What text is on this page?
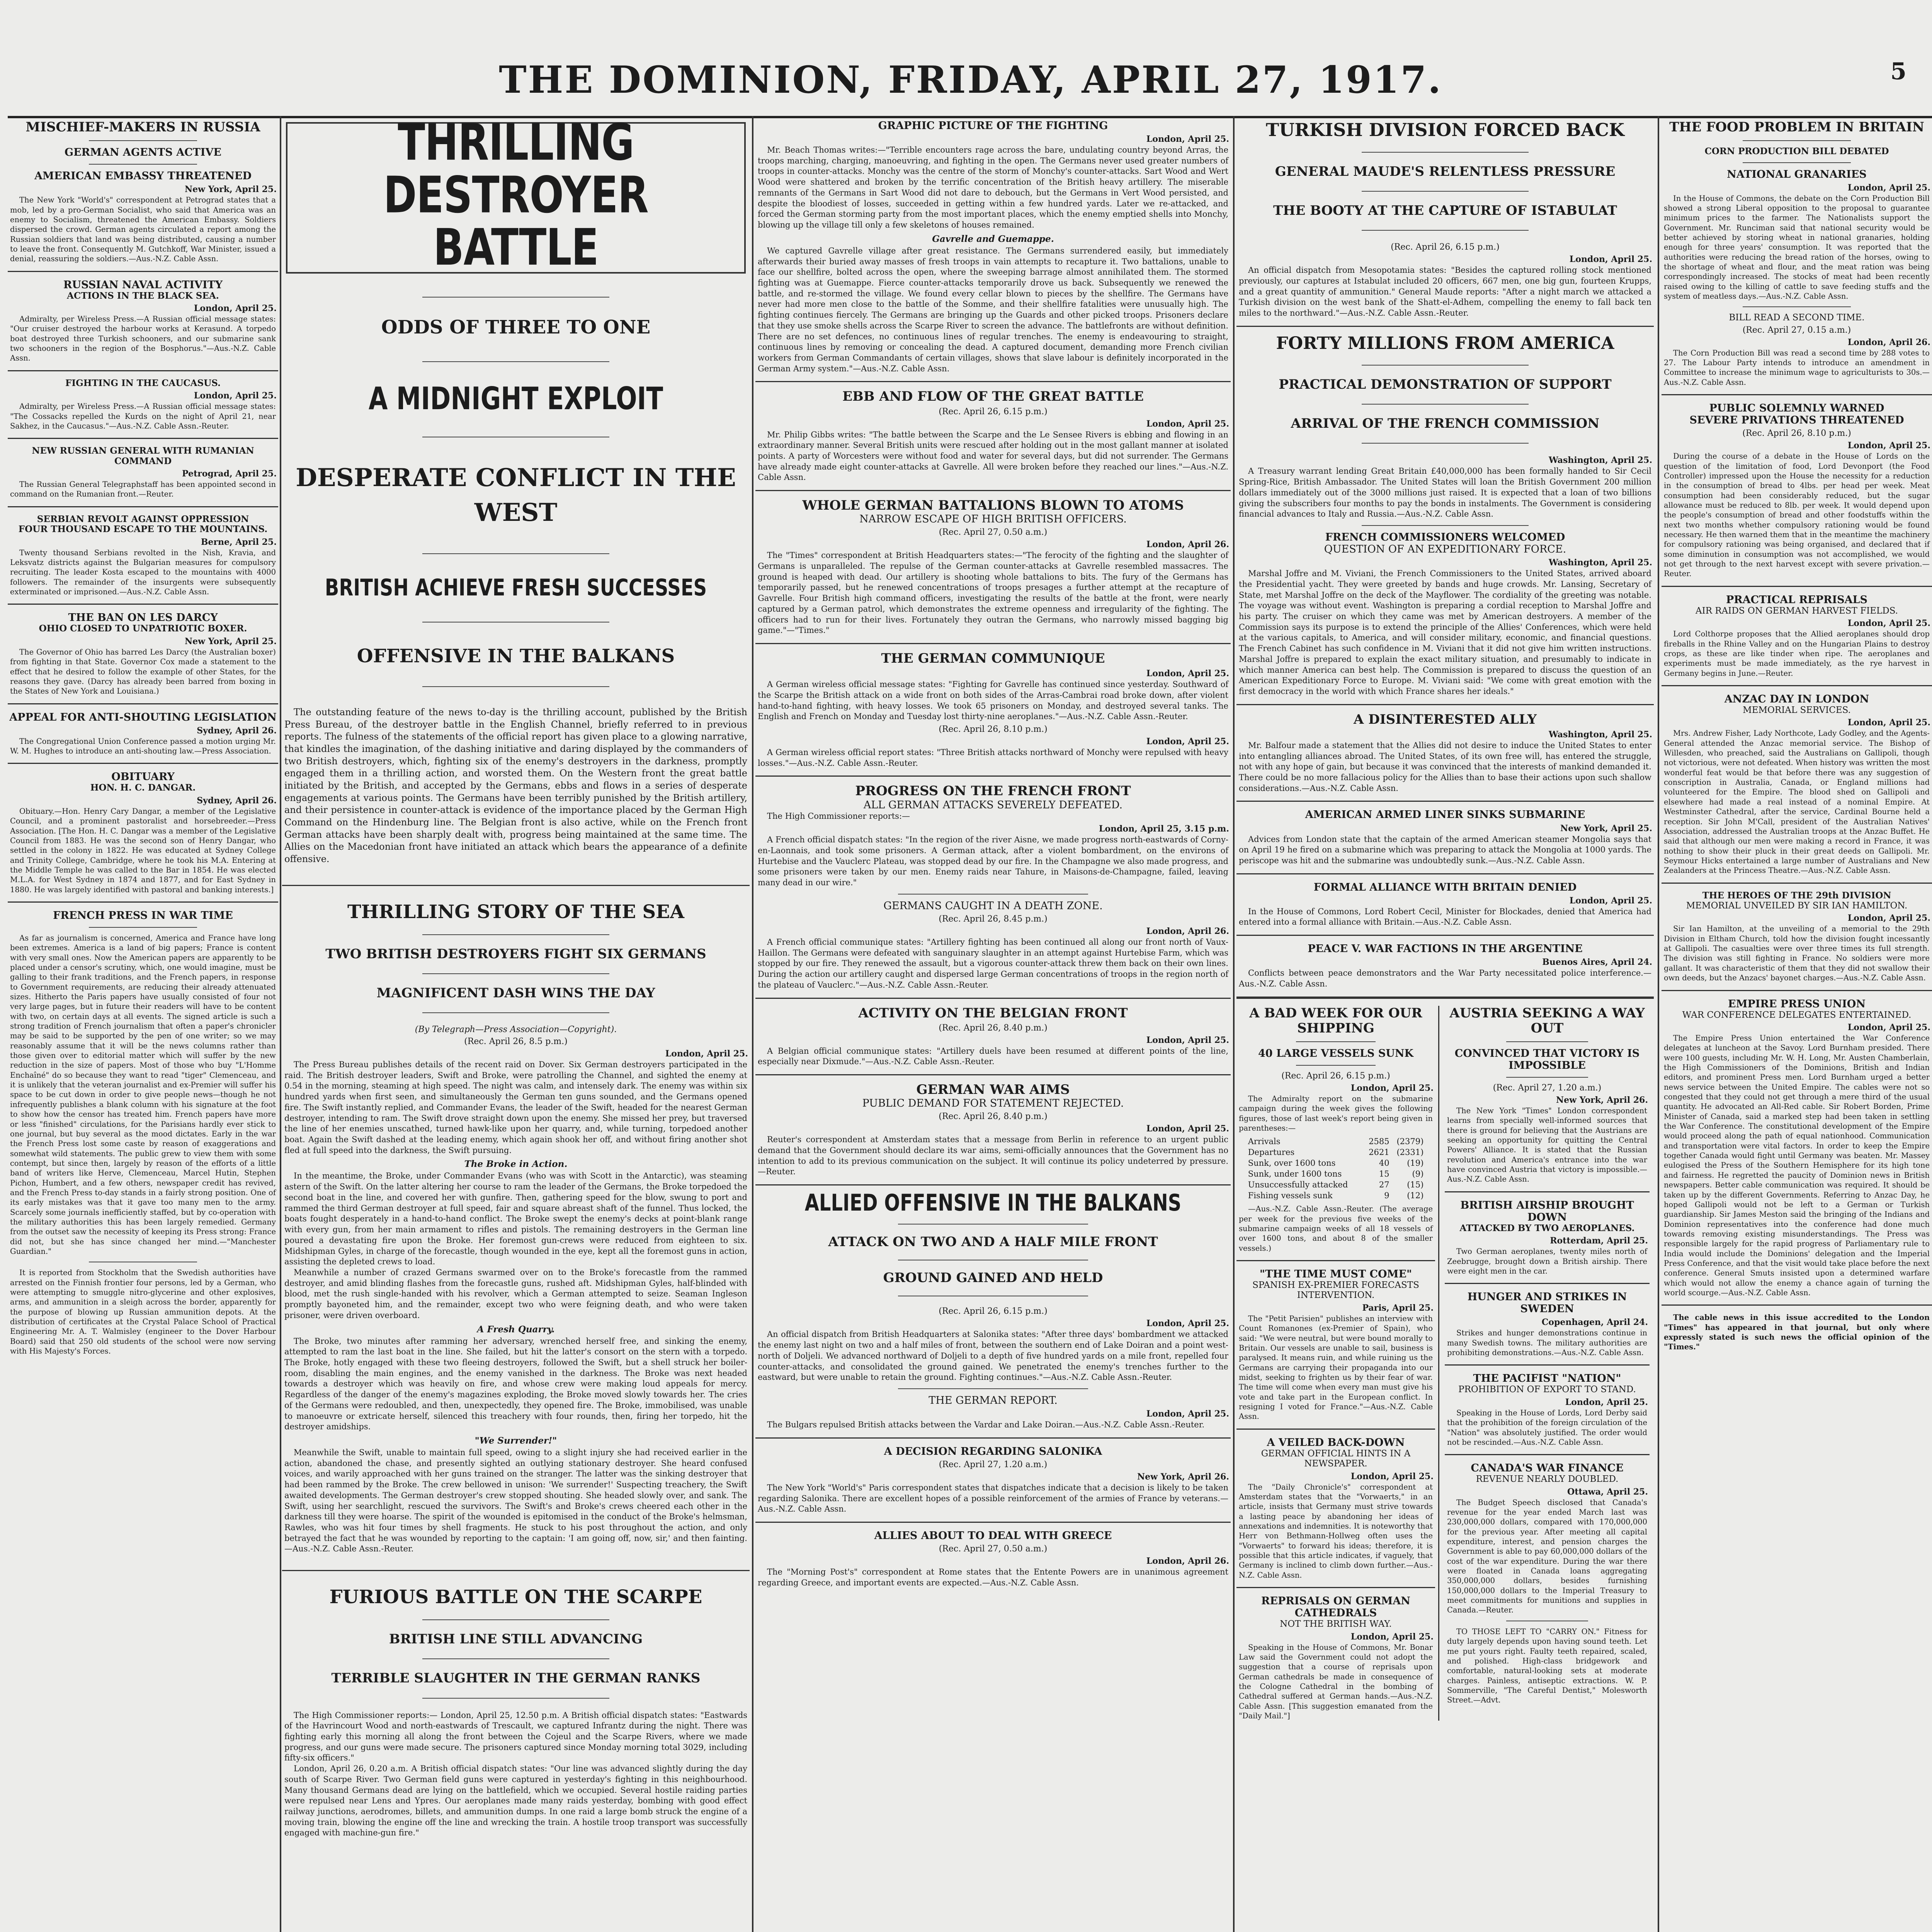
THE DOMINION, FRIDAY, APRIL 27, 1917.	5

MISCHIEF-MAKERS IN RUSSIA

GERMAN AGENTS ACTIVE

AMERICAN EMBASSY THREATENED

New York, April 25.

The New York "World's" correspondent at Petrograd states that a mob, led by a pro-German Socialist, who said that America was an enemy to Socialism, threatened the American Embassy. Soldiers dispersed the crowd. German agents circulated a report among the Russian soldiers that land was being distributed, causing a number to leave the front. Consequently M. Gutchkoff, War Minister, issued a denial, reassuring the soldiers.—Aus.-N.Z. Cable Assn.

RUSSIAN NAVAL ACTIVITY

ACTIONS IN THE BLACK SEA.

London, April 25.

Admiralty, per Wireless Press.—A Russian official message states: "Our cruiser destroyed the harbour works at Kerasund. A torpedo boat destroyed three Turkish schooners, and our submarine sank two schooners in the region of the Bosphorus."—Aus.-N.Z. Cable Assn.

FIGHTING IN THE CAUCASUS.

London, April 25.

Admiralty, per Wireless Press.—A Russian official message states: "The Cossacks repelled the Kurds on the night of April 21, near Sakhez, in the Caucasus."—Aus.-N.Z. Cable Assn.-Reuter.

NEW RUSSIAN GENERAL WITH RUMANIAN COMMAND

Petrograd, April 25.

The Russian General Telegraphstaff has been appointed second in command on the Rumanian front.—Reuter.

SERBIAN REVOLT AGAINST OPPRESSION

FOUR THOUSAND ESCAPE TO THE MOUNTAINS.

Berne, April 25.

Twenty thousand Serbians revolted in the Nish, Kravia, and Leksvatz districts against the Bulgarian measures for compulsory recruiting. The leader Kosta escaped to the mountains with 4000 followers. The remainder of the insurgents were subsequently exterminated or imprisoned.—Aus.-N.Z. Cable Assn.

THE BAN ON LES DARCY

OHIO CLOSED TO UNPATRIOTIC BOXER.

New York, April 25.

The Governor of Ohio has barred Les Darcy (the Australian boxer) from fighting in that State. Governor Cox made a statement to the effect that he desired to follow the example of other States, for the reasons they gave. (Darcy has already been barred from boxing in the States of New York and Louisiana.)

APPEAL FOR ANTI-SHOUTING LEGISLATION

Sydney, April 26.

The Congregational Union Conference passed a motion urging Mr. W. M. Hughes to introduce an anti-shouting law.—Press Association.

OBITUARY

HON. H. C. DANGAR.

Sydney, April 26.

Obituary.—Hon. Henry Cary Dangar, a member of the Legislative Council, and a prominent pastoralist and horsebreeder.—Press Association. [The Hon. H. C. Dangar was a member of the Legislative Council from 1883. He was the second son of Henry Dangar, who settled in the colony in 1822. He was educated at Sydney College and Trinity College, Cambridge, where he took his M.A. Entering at the Middle Temple he was called to the Bar in 1854. He was elected M.L.A. for West Sydney in 1874 and 1877, and for East Sydney in 1880. He was largely identified with pastoral and banking interests.]

FRENCH PRESS IN WAR TIME

As far as journalism is concerned, America and France have long been extremes. America is a land of big papers; France is content with very small ones. Now the American papers are apparently to be placed under a censor's scrutiny, which, one would imagine, must be galling to their frank traditions, and the French papers, in response to Government requirements, are reducing their already attenuated sizes. Hitherto the Paris papers have usually consisted of four not very large pages, but in future their readers will have to be content with two, on certain days at all events. The signed article is such a strong tradition of French journalism that often a paper's chronicler may be said to be supported by the pen of one writer; so we may reasonably assume that it will be the news columns rather than those given over to editorial matter which will suffer by the new reduction in the size of papers. Most of those who buy "L'Homme Enchaîné" do so because they want to read "tiger" Clemenceau, and it is unlikely that the veteran journalist and ex-Premier will suffer his space to be cut down in order to give people news—though he not infrequently publishes a blank column with his signature at the foot to show how the censor has treated him. French papers have more or less "finished" circulations, for the Parisians hardly ever stick to one journal, but buy several as the mood dictates. Early in the war the French Press lost some caste by reason of exaggerations and somewhat wild statements. The public grew to view them with some contempt, but since then, largely by reason of the efforts of a little band of writers like Herve, Clemenceau, Marcel Hutin, Stephen Pichon, Humbert, and a few others, newspaper credit has revived, and the French Press to-day stands in a fairly strong position. One of its early mistakes was that it gave too many men to the army. Scarcely some journals inefficiently staffed, but by co-operation with the military authorities this has been largely remedied. Germany from the outset saw the necessity of keeping its Press strong: France did not, but she has since changed her mind.—"Manchester Guardian."

It is reported from Stockholm that the Swedish authorities have arrested on the Finnish frontier four persons, led by a German, who were attempting to smuggle nitro-glycerine and other explosives, arms, and ammunition in a sleigh across the border, apparently for the purpose of blowing up Russian ammunition depots. At the distribution of certificates at the Crystal Palace School of Practical Engineering Mr. A. T. Walmisley (engineer to the Dover Harbour Board) said that 250 old students of the school were now serving with His Majesty's Forces.

THRILLING DESTROYER

BATTLE

ODDS OF THREE TO ONE

A MIDNIGHT EXPLOIT

DESPERATE CONFLICT IN THE WEST

BRITISH ACHIEVE FRESH SUCCESSES

OFFENSIVE IN THE BALKANS

The outstanding feature of the news to-day is the thrilling account, published by the British Press Bureau, of the destroyer battle in the English Channel, briefly referred to in previous reports. The fulness of the statements of the official report has given place to a glowing narrative, that kindles the imagination, of the dashing initiative and daring displayed by the commanders of two British destroyers, which, fighting six of the enemy's destroyers in the darkness, promptly engaged them in a thrilling action, and worsted them. On the Western front the great battle initiated by the British, and accepted by the Germans, ebbs and flows in a series of desperate engagements at various points. The Germans have been terribly punished by the British artillery, and their persistence in counter-attack is evidence of the importance placed by the German High Command on the Hindenburg line. The Belgian front is also active, while on the French front German attacks have been sharply dealt with, progress being maintained at the same time. The Allies on the Macedonian front have initiated an attack which bears the appearance of a definite offensive.

THRILLING STORY OF THE SEA

TWO BRITISH DESTROYERS FIGHT SIX GERMANS

MAGNIFICENT DASH WINS THE DAY

(By Telegraph—Press Association—Copyright).

(Rec. April 26, 8.5 p.m.)

London, April 25.

The Press Bureau publishes details of the recent raid on Dover. Six German destroyers participated in the raid. The British destroyer leaders, Swift and Broke, were patrolling the Channel, and sighted the enemy at 0.54 in the morning, steaming at high speed. The night was calm, and intensely dark. The enemy was within six hundred yards when first seen, and simultaneously the German ten guns sounded, and the Germans opened fire. The Swift instantly replied, and Commander Evans, the leader of the Swift, headed for the nearest German destroyer, intending to ram. The Swift drove straight down upon the enemy. She missed her prey, but traversed the line of her enemies unscathed, turned hawk-like upon her quarry, and, while turning, torpedoed another boat. Again the Swift dashed at the leading enemy, which again shook her off, and without firing another shot fled at full speed into the darkness, the Swift pursuing.

The Broke in Action.

In the meantime, the Broke, under Commander Evans (who was with Scott in the Antarctic), was steaming astern of the Swift. On the latter altering her course to ram the leader of the Germans, the Broke torpedoed the second boat in the line, and covered her with gunfire. Then, gathering speed for the blow, swung to port and rammed the third German destroyer at full speed, fair and square abreast shaft of the funnel. Thus locked, the boats fought desperately in a hand-to-hand conflict. The Broke swept the enemy's decks at point-blank range with every gun, from her main armament to rifles and pistols. The remaining destroyers in the German line poured a devastating fire upon the Broke. Her foremost gun-crews were reduced from eighteen to six. Midshipman Gyles, in charge of the forecastle, though wounded in the eye, kept all the foremost guns in action, assisting the depleted crews to load.

Meanwhile a number of crazed Germans swarmed over on to the Broke's forecastle from the rammed destroyer, and amid blinding flashes from the forecastle guns, rushed aft. Midshipman Gyles, half-blinded with blood, met the rush single-handed with his revolver, which a German attempted to seize. Seaman Ingleson promptly bayoneted him, and the remainder, except two who were feigning death, and who were taken prisoner, were driven overboard.

A Fresh Quarry.

The Broke, two minutes after ramming her adversary, wrenched herself free, and sinking the enemy, attempted to ram the last boat in the line. She failed, but hit the latter's consort on the stern with a torpedo. The Broke, hotly engaged with these two fleeing destroyers, followed the Swift, but a shell struck her boiler-room, disabling the main engines, and the enemy vanished in the darkness. The Broke was next headed towards a destroyer which was heavily on fire, and whose crew were making loud appeals for mercy. Regardless of the danger of the enemy's magazines exploding, the Broke moved slowly towards her. The cries of the Germans were redoubled, and then, unexpectedly, they opened fire. The Broke, immobilised, was unable to manoeuvre or extricate herself, silenced this treachery with four rounds, then, firing her torpedo, hit the destroyer amidships.

"We Surrender!"

Meanwhile the Swift, unable to maintain full speed, owing to a slight injury she had received earlier in the action, abandoned the chase, and presently sighted an outlying stationary destroyer. She heard confused voices, and warily approached with her guns trained on the stranger. The latter was the sinking destroyer that had been rammed by the Broke. The crew bellowed in unison: 'We surrender!' Suspecting treachery, the Swift awaited developments. The German destroyer's crew stopped shouting. She headed slowly over, and sank. The Swift, using her searchlight, rescued the survivors. The Swift's and Broke's crews cheered each other in the darkness till they were hoarse. The spirit of the wounded is epitomised in the conduct of the Broke's helmsman, Rawles, who was hit four times by shell fragments. He stuck to his post throughout the action, and only betrayed the fact that he was wounded by reporting to the captain: 'I am going off, now, sir,' and then fainting.—Aus.-N.Z. Cable Assn.-Reuter.

FURIOUS BATTLE ON THE SCARPE

BRITISH LINE STILL ADVANCING

TERRIBLE SLAUGHTER IN THE GERMAN RANKS

The High Commissioner reports:— London, April 25, 12.50 p.m. A British official dispatch states: "Eastwards of the Havrincourt Wood and north-eastwards of Trescault, we captured Infrantz during the night. There was fighting early this morning all along the front between the Cojeul and the Scarpe Rivers, where we made progress, and our guns were made secure. The prisoners captured since Monday morning total 3029, including fifty-six officers."

London, April 26, 0.20 a.m. A British official dispatch states: "Our line was advanced slightly during the day south of Scarpe River. Two German field guns were captured in yesterday's fighting in this neighbourhood. Many thousand Germans dead are lying on the battlefield, which we occupied. Several hostile raiding parties were repulsed near Lens and Ypres. Our aeroplanes made many raids yesterday, bombing with good effect railway junctions, aerodromes, billets, and ammunition dumps. In one raid a large bomb struck the engine of a moving train, blowing the engine off the line and wrecking the train. A hostile troop transport was successfully engaged with machine-gun fire."

GRAPHIC PICTURE OF THE FIGHTING

London, April 25.

Mr. Beach Thomas writes:—"Terrible encounters rage across the bare, undulating country beyond Arras, the troops marching, charging, manoeuvring, and fighting in the open. The Germans never used greater numbers of troops in counter-attacks. Monchy was the centre of the storm of Monchy's counter-attacks. Sart Wood and Wert Wood were shattered and broken by the terrific concentration of the British heavy artillery. The miserable remnants of the Germans in Sart Wood did not dare to debouch, but the Germans in Vert Wood persisted, and despite the bloodiest of losses, succeeded in getting within a few hundred yards. Later we re-attacked, and forced the German storming party from the most important places, which the enemy emptied shells into Monchy, blowing up the village till only a few skeletons of houses remained.

Gavrelle and Guemappe.

We captured Gavrelle village after great resistance. The Germans surrendered easily, but immediately afterwards their buried away masses of fresh troops in vain attempts to recapture it. Two battalions, unable to face our shellfire, bolted across the open, where the sweeping barrage almost annihilated them. The stormed fighting was at Guemappe. Fierce counter-attacks temporarily drove us back. Subsequently we renewed the battle, and re-stormed the village. We found every cellar blown to pieces by the shellfire. The Germans have never had more men close to the battle of the Somme, and their shellfire fatalities were unusually high. The fighting continues fiercely. The Germans are bringing up the Guards and other picked troops. Prisoners declare that they use smoke shells across the Scarpe River to screen the advance. The battlefronts are without definition. There are no set defences, no continuous lines of regular trenches. The enemy is endeavouring to straight, continuous lines by removing or concealing the dead. A captured document, demanding more French civilian workers from German Commandants of certain villages, shows that slave labour is definitely incorporated in the German Army system."—Aus.-N.Z. Cable Assn.

EBB AND FLOW OF THE GREAT BATTLE

(Rec. April 26, 6.15 p.m.)

London, April 25.

Mr. Philip Gibbs writes: "The battle between the Scarpe and the Le Sensee Rivers is ebbing and flowing in an extraordinary manner. Several British units were rescued after holding out in the most gallant manner at isolated points. A party of Worcesters were without food and water for several days, but did not surrender. The Germans have already made eight counter-attacks at Gavrelle. All were broken before they reached our lines."—Aus.-N.Z. Cable Assn.

WHOLE GERMAN BATTALIONS BLOWN TO ATOMS

NARROW ESCAPE OF HIGH BRITISH OFFICERS.

(Rec. April 27, 0.50 a.m.)

London, April 26.

The "Times" correspondent at British Headquarters states:—"The ferocity of the fighting and the slaughter of Germans is unparalleled. The repulse of the German counter-attacks at Gavrelle resembled massacres. The ground is heaped with dead. Our artillery is shooting whole battalions to bits. The fury of the Germans has temporarily passed, but he renewed concentrations of troops presages a further attempt at the recapture of Gavrelle. Four British high command officers, investigating the results of the battle at the front, were nearly captured by a German patrol, which demonstrates the extreme openness and irregularity of the fighting. The officers had to run for their lives. Fortunately they outran the Germans, who narrowly missed bagging big game."—"Times."

THE GERMAN COMMUNIQUE

London, April 25.

A German wireless official message states: "Fighting for Gavrelle has continued since yesterday. Southward of the Scarpe the British attack on a wide front on both sides of the Arras-Cambrai road broke down, after violent hand-to-hand fighting, with heavy losses. We took 65 prisoners on Monday, and destroyed several tanks. The English and French on Monday and Tuesday lost thirty-nine aeroplanes."—Aus.-N.Z. Cable Assn.-Reuter.

(Rec. April 26, 8.10 p.m.)

London, April 25.

A German wireless official report states: "Three British attacks northward of Monchy were repulsed with heavy losses."—Aus.-N.Z. Cable Assn.-Reuter.

PROGRESS ON THE FRENCH FRONT

ALL GERMAN ATTACKS SEVERELY DEFEATED.

The High Commissioner reports:—

London, April 25, 3.15 p.m.

A French official dispatch states: "In the region of the river Aisne, we made progress north-eastwards of Corny-en-Laonnais, and took some prisoners. A German attack, after a violent bombardment, on the environs of Hurtebise and the Vauclerc Plateau, was stopped dead by our fire. In the Champagne we also made progress, and some prisoners were taken by our men. Enemy raids near Tahure, in Maisons-de-Champagne, failed, leaving many dead in our wire."

GERMANS CAUGHT IN A DEATH ZONE.

(Rec. April 26, 8.45 p.m.)

London, April 26.

A French official communique states: "Artillery fighting has been continued all along our front north of Vaux-Haillon. The Germans were defeated with sanguinary slaughter in an attempt against Hurtebise Farm, which was stopped by our fire. They renewed the assault, but a vigorous counter-attack threw them back on their own lines. During the action our artillery caught and dispersed large German concentrations of troops in the region north of the plateau of Vauclerc."—Aus.-N.Z. Cable Assn.-Reuter.

ACTIVITY ON THE BELGIAN FRONT

(Rec. April 26, 8.40 p.m.)

London, April 25.

A Belgian official communique states: "Artillery duels have been resumed at different points of the line, especially near Dixmude."—Aus.-N.Z. Cable Assn.-Reuter.

GERMAN WAR AIMS

PUBLIC DEMAND FOR STATEMENT REJECTED.

(Rec. April 26, 8.40 p.m.)

London, April 25.

Reuter's correspondent at Amsterdam states that a message from Berlin in reference to an urgent public demand that the Government should declare its war aims, semi-officially announces that the Government has no intention to add to its previous communication on the subject. It will continue its policy undeterred by pressure.—Reuter.

ALLIED OFFENSIVE IN THE BALKANS

ATTACK ON TWO AND A HALF MILE FRONT

GROUND GAINED AND HELD

(Rec. April 26, 6.15 p.m.)

London, April 25.

An official dispatch from British Headquarters at Salonika states: "After three days' bombardment we attacked the enemy last night on two and a half miles of front, between the southern end of Lake Doiran and a point west-north of Doljeli. We advanced northward of Doljeli to a depth of five hundred yards on a mile front, repelled four counter-attacks, and consolidated the ground gained. We penetrated the enemy's trenches further to the eastward, but were unable to retain the ground. Fighting continues."—Aus.-N.Z. Cable Assn.-Reuter.

THE GERMAN REPORT.

London, April 25.

The Bulgars repulsed British attacks between the Vardar and Lake Doiran.—Aus.-N.Z. Cable Assn.-Reuter.

A DECISION REGARDING SALONIKA

(Rec. April 27, 1.20 a.m.)

New York, April 26.

The New York "World's" Paris correspondent states that dispatches indicate that a decision is likely to be taken regarding Salonika. There are excellent hopes of a possible reinforcement of the armies of France by veterans.—Aus.-N.Z. Cable Assn.

ALLIES ABOUT TO DEAL WITH GREECE

(Rec. April 27, 0.50 a.m.)

London, April 26.

The "Morning Post's" correspondent at Rome states that the Entente Powers are in unanimous agreement regarding Greece, and important events are expected.—Aus.-N.Z. Cable Assn.

TURKISH DIVISION FORCED BACK

GENERAL MAUDE'S RELENTLESS PRESSURE

THE BOOTY AT THE CAPTURE OF ISTABULAT

(Rec. April 26, 6.15 p.m.)

London, April 25.

An official dispatch from Mesopotamia states: "Besides the captured rolling stock mentioned previously, our captures at Istabulat included 20 officers, 667 men, one big gun, fourteen Krupps, and a great quantity of ammunition." General Maude reports: "After a night march we attacked a Turkish division on the west bank of the Shatt-el-Adhem, compelling the enemy to fall back ten miles to the northward."—Aus.-N.Z. Cable Assn.-Reuter.

FORTY MILLIONS FROM AMERICA

PRACTICAL DEMONSTRATION OF SUPPORT

ARRIVAL OF THE FRENCH COMMISSION

Washington, April 25.

A Treasury warrant lending Great Britain £40,000,000 has been formally handed to Sir Cecil Spring-Rice, British Ambassador. The United States will loan the British Government 200 million dollars immediately out of the 3000 millions just raised. It is expected that a loan of two billions giving the subscribers four months to pay the bonds in instalments. The Government is considering financial advances to Italy and Russia.—Aus.-N.Z. Cable Assn.

FRENCH COMMISSIONERS WELCOMED

QUESTION OF AN EXPEDITIONARY FORCE.

Washington, April 25.

Marshal Joffre and M. Viviani, the French Commissioners to the United States, arrived aboard the Presidential yacht. They were greeted by bands and huge crowds. Mr. Lansing, Secretary of State, met Marshal Joffre on the deck of the Mayflower. The cordiality of the greeting was notable. The voyage was without event. Washington is preparing a cordial reception to Marshal Joffre and his party. The cruiser on which they came was met by American destroyers. A member of the Commission says its purpose is to extend the principle of the Allies' Conferences, which were held at the various capitals, to America, and will consider military, economic, and financial questions. The French Cabinet has such confidence in M. Viviani that it did not give him written instructions. Marshal Joffre is prepared to explain the exact military situation, and presumably to indicate in which manner America can best help. The Commission is prepared to discuss the question of an American Expeditionary Force to Europe. M. Viviani said: "We come with great emotion with the first democracy in the world with which France shares her ideals."

A DISINTERESTED ALLY

Washington, April 25.

Mr. Balfour made a statement that the Allies did not desire to induce the United States to enter into entangling alliances abroad. The United States, of its own free will, has entered the struggle, not with any hope of gain, but because it was convinced that the interests of mankind demanded it. There could be no more fallacious policy for the Allies than to base their actions upon such shallow considerations.—Aus.-N.Z. Cable Assn.

AMERICAN ARMED LINER SINKS SUBMARINE

New York, April 25.

Advices from London state that the captain of the armed American steamer Mongolia says that on April 19 he fired on a submarine which was preparing to attack the Mongolia at 1000 yards. The periscope was hit and the submarine was undoubtedly sunk.—Aus.-N.Z. Cable Assn.

FORMAL ALLIANCE WITH BRITAIN DENIED

London, April 25.

In the House of Commons, Lord Robert Cecil, Minister for Blockades, denied that America had entered into a formal alliance with Britain.—Aus.-N.Z. Cable Assn.

PEACE V. WAR FACTIONS IN THE ARGENTINE

Buenos Aires, April 24.

Conflicts between peace demonstrators and the War Party necessitated police interference.—Aus.-N.Z. Cable Assn.

A BAD WEEK FOR OUR SHIPPING

40 LARGE VESSELS SUNK

(Rec. April 26, 6.15 p.m.)

London, April 25.

The Admiralty report on the submarine campaign during the week gives the following figures, those of last week's report being given in parentheses:—

Arrivals	2585	(2379)
Departures	2621	(2331)
Sunk, over 1600 tons	40	(19)
Sunk, under 1600 tons	15	(9)
Unsuccessfully attacked	27	(15)
Fishing vessels sunk	9	(12)

—Aus.-N.Z. Cable Assn.-Reuter. (The average per week for the previous five weeks of the submarine campaign weeks of all 18 vessels of over 1600 tons, and about 8 of the smaller vessels.)

"THE TIME MUST COME"

SPANISH EX-PREMIER FORECASTS INTERVENTION.

Paris, April 25.

The "Petit Parisien" publishes an interview with Count Romanones (ex-Premier of Spain), who said: "We were neutral, but were bound morally to Britain. Our vessels are unable to sail, business is paralysed. It means ruin, and while ruining us the Germans are carrying their propaganda into our midst, seeking to frighten us by their fear of war. The time will come when every man must give his vote and take part in the European conflict. In resigning I voted for France."—Aus.-N.Z. Cable Assn.

A VEILED BACK-DOWN

GERMAN OFFICIAL HINTS IN A NEWSPAPER.

London, April 25.

The "Daily Chronicle's" correspondent at Amsterdam states that the "Vorwaerts," in an article, insists that Germany must strive towards a lasting peace by abandoning her ideas of annexations and indemnities. It is noteworthy that Herr von Bethmann-Hollweg often uses the "Vorwaerts" to forward his ideas; therefore, it is possible that this article indicates, if vaguely, that Germany is inclined to climb down further.—Aus.-N.Z. Cable Assn.

REPRISALS ON GERMAN CATHEDRALS

NOT THE BRITISH WAY.

London, April 25.

Speaking in the House of Commons, Mr. Bonar Law said the Government could not adopt the suggestion that a course of reprisals upon German cathedrals be made in consequence of the Cologne Cathedral in the bombing of Cathedral suffered at German hands.—Aus.-N.Z. Cable Assn. [This suggestion emanated from the "Daily Mail."]

AUSTRIA SEEKING A WAY OUT

CONVINCED THAT VICTORY IS IMPOSSIBLE

(Rec. April 27, 1.20 a.m.)

New York, April 26.

The New York "Times" London correspondent learns from specially well-informed sources that there is ground for believing that the Austrians are seeking an opportunity for quitting the Central Powers' Alliance. It is stated that the Russian revolution and America's entrance into the war have convinced Austria that victory is impossible.—Aus.-N.Z. Cable Assn.

BRITISH AIRSHIP BROUGHT DOWN

ATTACKED BY TWO AEROPLANES.

Rotterdam, April 25.

Two German aeroplanes, twenty miles north of Zeebrugge, brought down a British airship. There were eight men in the car.

HUNGER AND STRIKES IN SWEDEN

Copenhagen, April 24.

Strikes and hunger demonstrations continue in many Swedish towns. The military authorities are prohibiting demonstrations.—Aus.-N.Z. Cable Assn.

THE PACIFIST "NATION"

PROHIBITION OF EXPORT TO STAND.

London, April 25.

Speaking in the House of Lords, Lord Derby said that the prohibition of the foreign circulation of the "Nation" was absolutely justified. The order would not be rescinded.—Aus.-N.Z. Cable Assn.

CANADA'S WAR FINANCE

REVENUE NEARLY DOUBLED.

Ottawa, April 25.

The Budget Speech disclosed that Canada's revenue for the year ended March last was 230,000,000 dollars, compared with 170,000,000 for the previous year. After meeting all capital expenditure, interest, and pension charges the Government is able to pay 60,000,000 dollars of the cost of the war expenditure. During the war there were floated in Canada loans aggregating 350,000,000 dollars, besides furnishing 150,000,000 dollars to the Imperial Treasury to meet commitments for munitions and supplies in Canada.—Reuter.

TO THOSE LEFT TO "CARRY ON." Fitness for duty largely depends upon having sound teeth. Let me put yours right. Faulty teeth repaired, scaled, and polished. High-class bridgework and comfortable, natural-looking sets at moderate charges. Painless, antiseptic extractions. W. P. Sommerville, "The Careful Dentist," Molesworth Street.—Advt.

THE FOOD PROBLEM IN BRITAIN

CORN PRODUCTION BILL DEBATED

NATIONAL GRANARIES

London, April 25.

In the House of Commons, the debate on the Corn Production Bill showed a strong Liberal opposition to the proposal to guarantee minimum prices to the farmer. The Nationalists support the Government. Mr. Runciman said that national security would be better achieved by storing wheat in national granaries, holding enough for three years' consumption. It was reported that the authorities were reducing the bread ration of the horses, owing to the shortage of wheat and flour, and the meat ration was being correspondingly increased. The stocks of meat had been recently raised owing to the killing of cattle to save feeding stuffs and the system of meatless days.—Aus.-N.Z. Cable Assn.

BILL READ A SECOND TIME.

(Rec. April 27, 0.15 a.m.)

London, April 26.

The Corn Production Bill was read a second time by 288 votes to 27. The Labour Party intends to introduce an amendment in Committee to increase the minimum wage to agriculturists to 30s.—Aus.-N.Z. Cable Assn.

PUBLIC SOLEMNLY WARNED

SEVERE PRIVATIONS THREATENED

(Rec. April 26, 8.10 p.m.)

London, April 25.

During the course of a debate in the House of Lords on the question of the limitation of food, Lord Devonport (the Food Controller) impressed upon the House the necessity for a reduction in the consumption of bread to 4lbs. per head per week. Meat consumption had been considerably reduced, but the sugar allowance must be reduced to 8lb. per week. It would depend upon the people's consumption of bread and other foodstuffs within the next two months whether compulsory rationing would be found necessary. He then warned them that in the meantime the machinery for compulsory rationing was being organised, and declared that if some diminution in consumption was not accomplished, we would not get through to the next harvest except with severe privation.—Reuter.

PRACTICAL REPRISALS

AIR RAIDS ON GERMAN HARVEST FIELDS.

London, April 25.

Lord Colthorpe proposes that the Allied aeroplanes should drop fireballs in the Rhine Valley and on the Hungarian Plains to destroy crops, as these are like tinder when ripe. The aeroplanes and experiments must be made immediately, as the rye harvest in Germany begins in June.—Reuter.

ANZAC DAY IN LONDON

MEMORIAL SERVICES.

London, April 25.

Mrs. Andrew Fisher, Lady Northcote, Lady Godley, and the Agents-General attended the Anzac memorial service. The Bishop of Willesden, who preached, said the Australians on Gallipoli, though not victorious, were not defeated. When history was written the most wonderful feat would be that before there was any suggestion of conscription in Australia, Canada, or England millions had volunteered for the Empire. The blood shed on Gallipoli and elsewhere had made a real instead of a nominal Empire. At Westminster Cathedral, after the service, Cardinal Bourne held a reception. Sir John M'Call, president of the Australian Natives' Association, addressed the Australian troops at the Anzac Buffet. He said that although our men were making a record in France, it was nothing to show their pluck in their great deeds on Gallipoli. Mr. Seymour Hicks entertained a large number of Australians and New Zealanders at the Princess Theatre.—Aus.-N.Z. Cable Assn.

THE HEROES OF THE 29th DIVISION

MEMORIAL UNVEILED BY SIR IAN HAMILTON.

London, April 25.

Sir Ian Hamilton, at the unveiling of a memorial to the 29th Division in Eltham Church, told how the division fought incessantly at Gallipoli. The casualties were over three times its full strength. The division was still fighting in France. No soldiers were more gallant. It was characteristic of them that they did not swallow their own deeds, but the Anzacs' bayonet charges.—Aus.-N.Z. Cable Assn.

EMPIRE PRESS UNION

WAR CONFERENCE DELEGATES ENTERTAINED.

London, April 25.

The Empire Press Union entertained the War Conference delegates at luncheon at the Savoy. Lord Burnham presided. There were 100 guests, including Mr. W. H. Long, Mr. Austen Chamberlain, the High Commissioners of the Dominions, British and Indian editors, and prominent Press men. Lord Burnham urged a better news service between the United Empire. The cables were not so congested that they could not get through a mere third of the usual quantity. He advocated an All-Red cable. Sir Robert Borden, Prime Minister of Canada, said a marked step had been taken in settling the War Conference. The constitutional development of the Empire would proceed along the path of equal nationhood. Communication and transportation were vital factors. In order to keep the Empire together Canada would fight until Germany was beaten. Mr. Massey eulogised the Press of the Southern Hemisphere for its high tone and fairness. He regretted the paucity of Dominion news in British newspapers. Better cable communication was required. It should be taken up by the different Governments. Referring to Anzac Day, he hoped Gallipoli would not be left to a German or Turkish guardianship. Sir James Meston said the bringing of the Indians and Dominion representatives into the conference had done much towards removing existing misunderstandings. The Press was responsible largely for the rapid progress of Parliamentary rule to India would include the Dominions' delegation and the Imperial Press Conference, and that the visit would take place before the next conference. General Smuts insisted upon a determined warfare which would not allow the enemy a chance again of turning the world scourge.—Aus.-N.Z. Cable Assn.

The cable news in this issue accredited to the London "Times" has appeared in that journal, but only where expressly stated is such news the official opinion of the "Times."
